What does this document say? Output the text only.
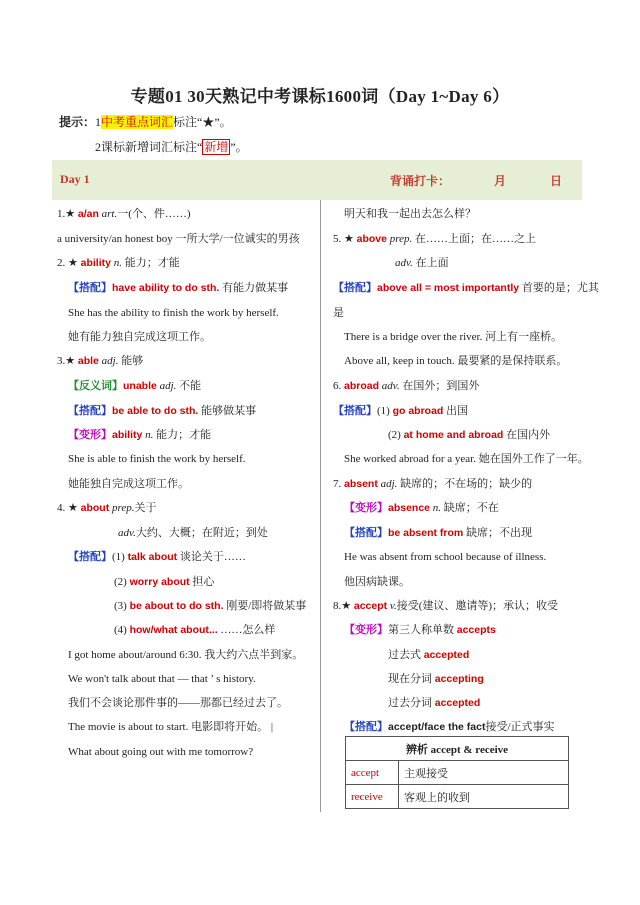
专题01 30天熟记中考课标1600词（Day 1~Day 6）
提示： 1中考重点词汇标注“★”。
2课标新增词汇标注“ 新增 ”。
Day 1	背诵打卡：	月	日
1.★ a/an art.一(个、件……)
a university/an honest boy 一所大学/一位诚实的男孩
2. ★ ability n. 能力；才能
【搭配】have ability to do sth. 有能力做某事
She has the ability to finish the work by herself.
她有能力独自完成这项工作。
3.★ able adj. 能够
【反义词】unable adj. 不能
【搭配】be able to do sth. 能够做某事
【变形】ability n. 能力；才能
She is able to finish the work by herself.
她能独自完成这项工作。
4. ★ about prep.关于
adv.大约、大概；在附近；到处
【搭配】(1) talk about 谈论关于……
(2) worry about 担心
(3) be about to do sth. 刚要/即将做某事
(4) how/what about... ……怎么样
I got home about/around 6:30. 我大约六点半到家。
We won't talk about that — that ’ s history.
我们不会谈论那件事的——那都已经过去了。
The movie is about to start. 电影即将开始。 |
What about going out with me tomorrow?
明天和我一起出去怎么样？
5. ★ above prep. 在……上面；在……之上
adv. 在上面
【搭配】above all = most importantly 首要的是；尤其
是
There is a bridge over the river. 河上有一座桥。
Above all, keep in touch. 最要紧的是保持联系。
6. abroad adv. 在国外；到国外
【搭配】(1) go abroad 出国
(2) at home and abroad 在国内外
She worked abroad for a year. 她在国外工作了一年。
7. absent adj. 缺席的；不在场的；缺少的
【变形】absence n. 缺席；不在
【搭配】be absent from 缺席；不出现
He was absent from school because of illness.
他因病缺课。
8.★ accept v.接受(建议、邀请等)；承认；收受
【变形】第三人称单数 accepts
过去式 accepted
现在分词 accepting
过去分词 accepted
【搭配】accept/face the fact接受/正式事实
辨析 accept & receive	
accept	主观接受
receive	客观上的收到
